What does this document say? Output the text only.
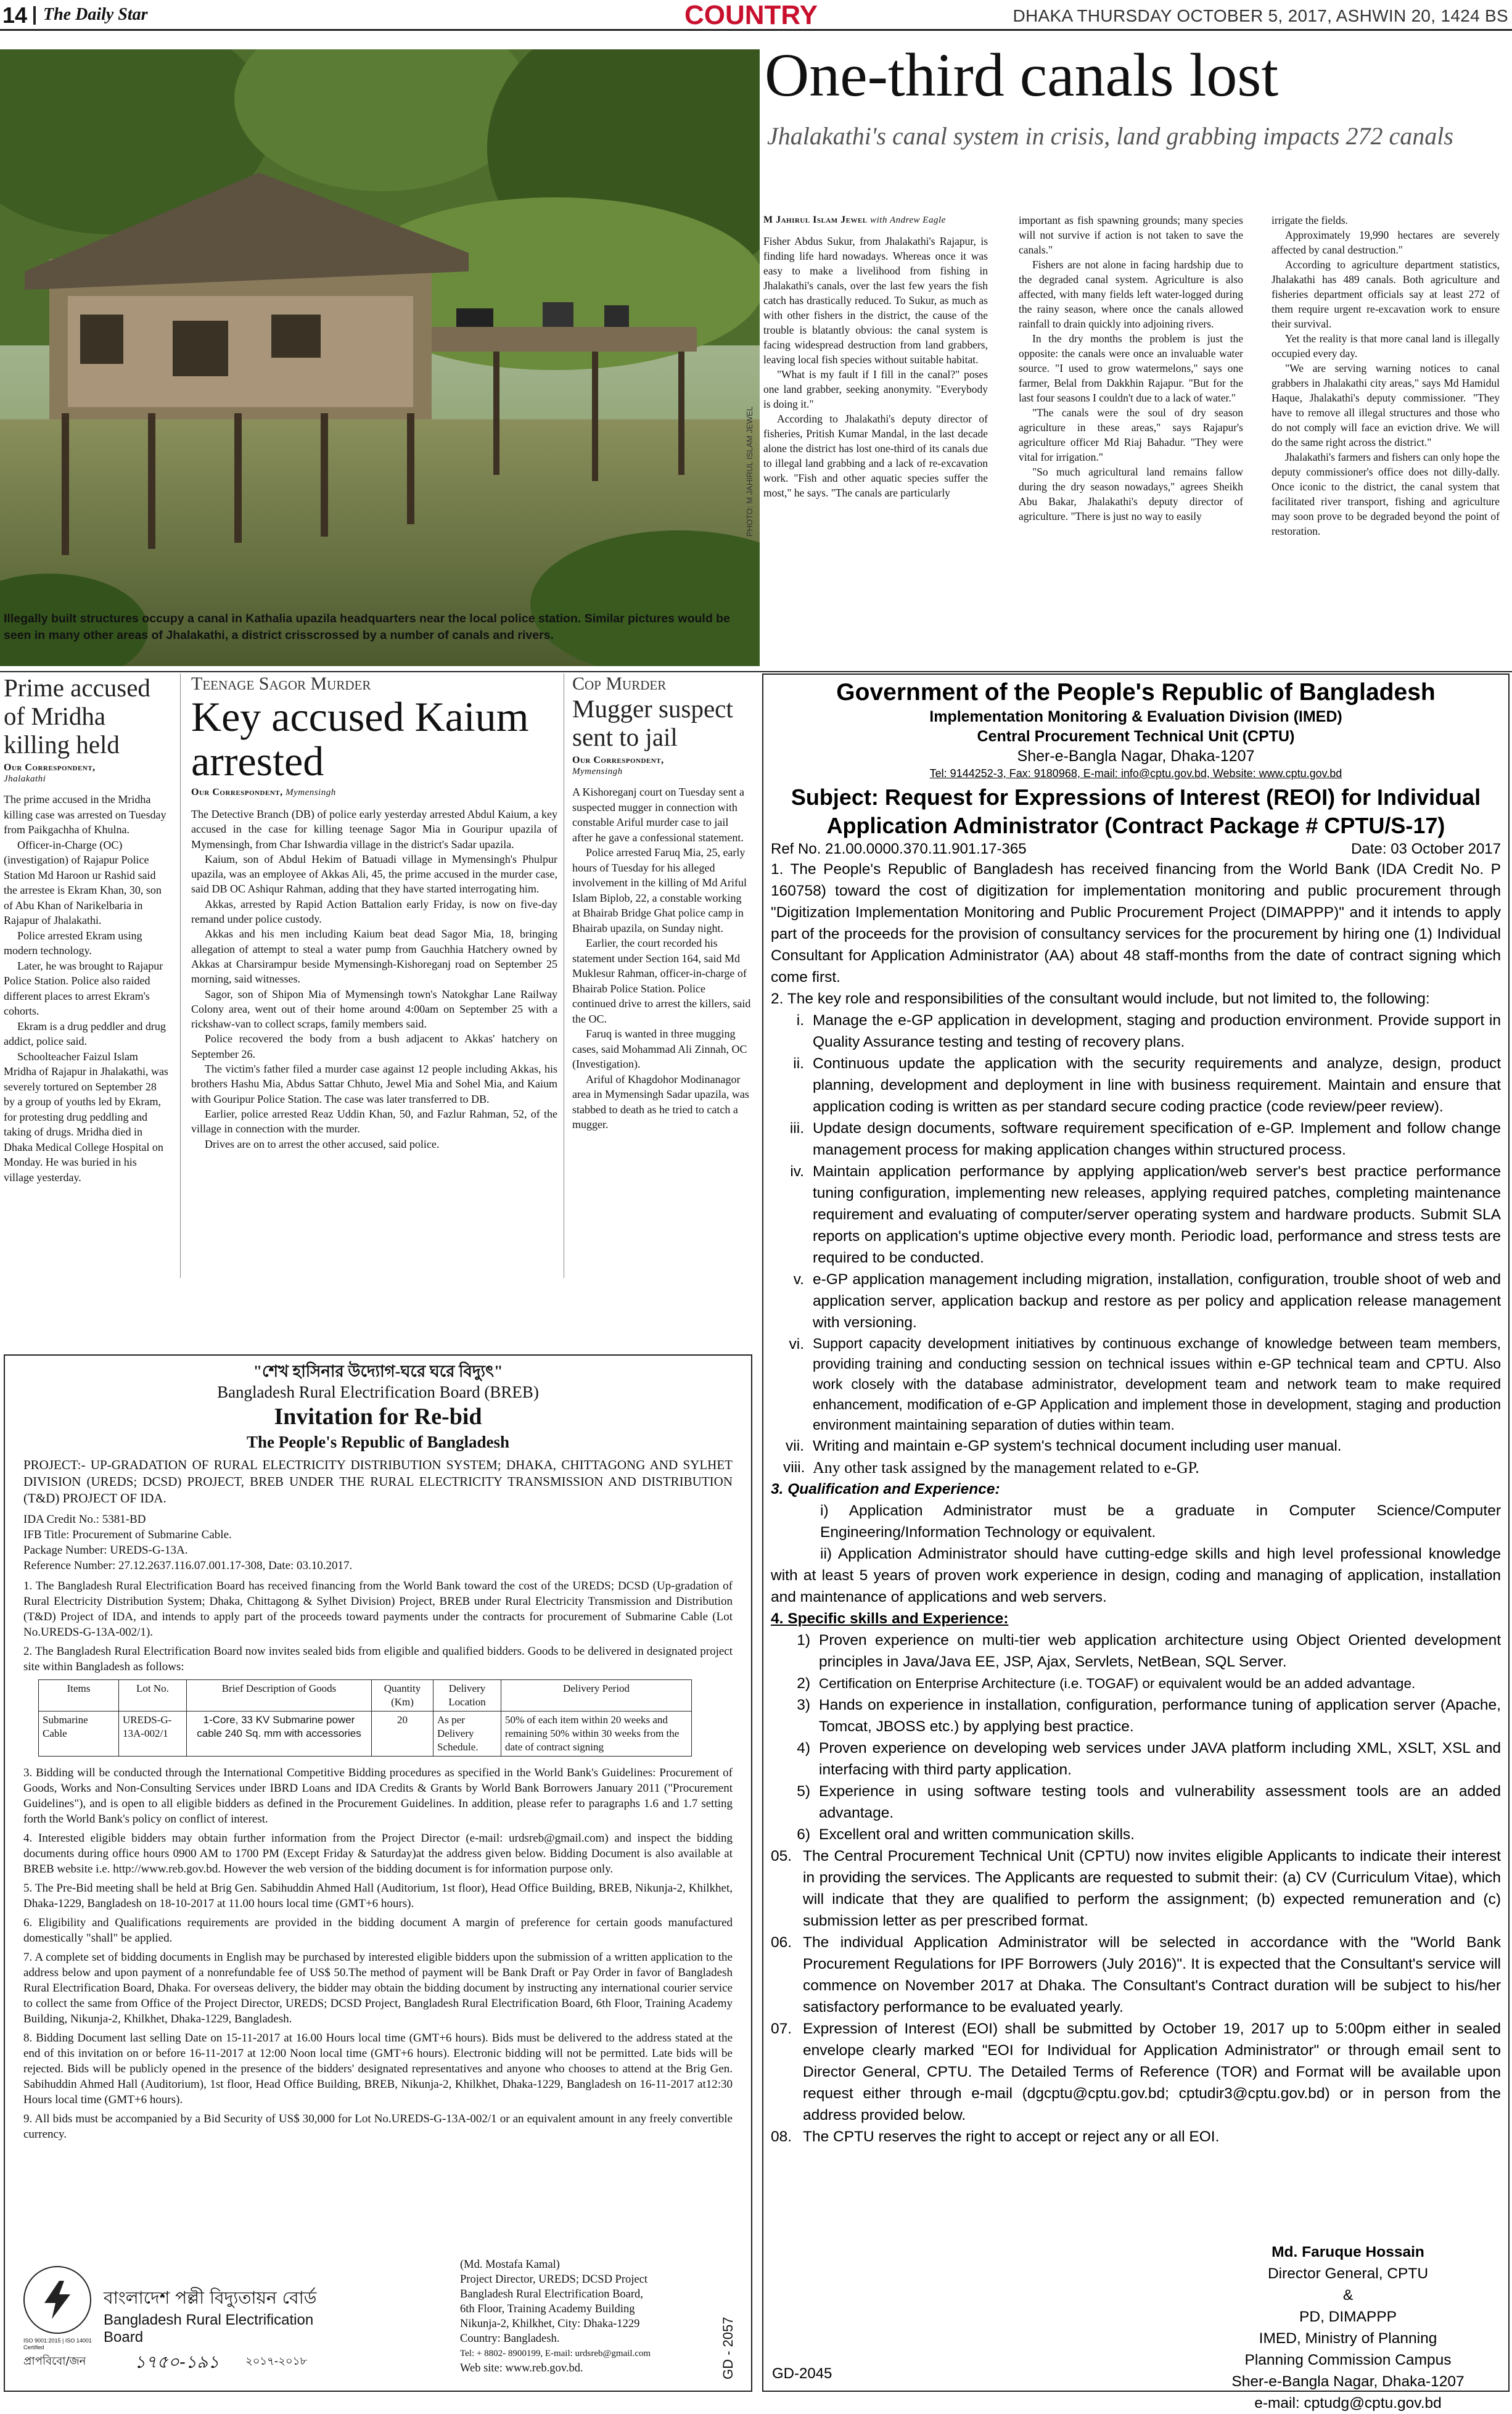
14 The Daily Star	COUNTRY	DHAKA THURSDAY OCTOBER 5, 2017, ASHWIN 20, 1424 BS
PHOTO: M JAHIRUL ISLAM JEWEL
Illegally built structures occupy a canal in Kathalia upazila headquarters near the local police station. Similar pictures would be seen in many other areas of Jhalakathi, a district crisscrossed by a number of canals and rivers.
One-third canals lost
Jhalakathi's canal system in crisis, land grabbing impacts 272 canals
M Jahirul Islam Jewel with Andrew Eagle

Fisher Abdus Sukur, from Jhalakathi's Rajapur, is finding life hard nowadays. Whereas once it was easy to make a livelihood from fishing in Jhalakathi's canals, over the last few years the fish catch has drastically reduced. To Sukur, as much as with other fishers in the district, the cause of the trouble is blatantly obvious: the canal system is facing widespread destruction from land grabbers, leaving local fish species without suitable habitat.

"What is my fault if I fill in the canal?" poses one land grabber, seeking anonymity. "Everybody is doing it."

According to Jhalakathi's deputy director of fisheries, Pritish Kumar Mandal, in the last decade alone the district has lost one-third of its canals due to illegal land grabbing and a lack of re-excavation work. "Fish and other aquatic species suffer the most," he says. "The canals are particularly

important as fish spawning grounds; many species will not survive if action is not taken to save the canals."

Fishers are not alone in facing hardship due to the degraded canal system. Agriculture is also affected, with many fields left water-logged during the rainy season, where once the canals allowed rainfall to drain quickly into adjoining rivers.

In the dry months the problem is just the opposite: the canals were once an invaluable water source. "I used to grow watermelons," says one farmer, Belal from Dakkhin Rajapur. "But for the last four seasons I couldn't due to a lack of water."

"The canals were the soul of dry season agriculture in these areas," says Rajapur's agriculture officer Md Riaj Bahadur. "They were vital for irrigation."

"So much agricultural land remains fallow during the dry season nowadays," agrees Sheikh Abu Bakar, Jhalakathi's deputy director of agriculture. "There is just no way to easily

irrigate the fields.

Approximately 19,990 hectares are severely affected by canal destruction."

According to agriculture department statistics, Jhalakathi has 489 canals. Both agriculture and fisheries department officials say at least 272 of them require urgent re-excavation work to ensure their survival.

Yet the reality is that more canal land is illegally occupied every day.

"We are serving warning notices to canal grabbers in Jhalakathi city areas," says Md Hamidul Haque, Jhalakathi's deputy commissioner. "They have to remove all illegal structures and those who do not comply will face an eviction drive. We will do the same right across the district."

Jhalakathi's farmers and fishers can only hope the deputy commissioner's office does not dilly-dally. Once iconic to the district, the canal system that facilitated river transport, fishing and agriculture may soon prove to be degraded beyond the point of restoration.

Prime accused of Mridha killing held
Our Correspondent,
Jhalakathi

The prime accused in the Mridha killing case was arrested on Tuesday from Paikgachha of Khulna.

Officer-in-Charge (OC) (investigation) of Rajapur Police Station Md Haroon ur Rashid said the arrestee is Ekram Khan, 30, son of Abu Khan of Narikelbaria in Rajapur of Jhalakathi.

Police arrested Ekram using modern technology.

Later, he was brought to Rajapur Police Station. Police also raided different places to arrest Ekram's cohorts.

Ekram is a drug peddler and drug addict, police said.

Schoolteacher Faizul Islam Mridha of Rajapur in Jhalakathi, was severely tortured on September 28 by a group of youths led by Ekram, for protesting drug peddling and taking of drugs. Mridha died in Dhaka Medical College Hospital on Monday. He was buried in his village yesterday.

Teenage Sagor Murder
Key accused Kaium arrested
Our Correspondent, Mymensingh

The Detective Branch (DB) of police early yesterday arrested Abdul Kaium, a key accused in the case for killing teenage Sagor Mia in Gouripur upazila of Mymensingh, from Char Ishwardia village in the district's Sadar upazila.

Kaium, son of Abdul Hekim of Batuadi village in Mymensingh's Phulpur upazila, was an employee of Akkas Ali, 45, the prime accused in the murder case, said DB OC Ashiqur Rahman, adding that they have started interrogating him.

Akkas, arrested by Rapid Action Battalion early Friday, is now on five-day remand under police custody.

Akkas and his men including Kaium beat dead Sagor Mia, 18, bringing allegation of attempt to steal a water pump from Gauchhia Hatchery owned by Akkas at Charsirampur beside Mymensingh-Kishoreganj road on September 25 morning, said witnesses.

Sagor, son of Shipon Mia of Mymensingh town's Natokghar Lane Railway Colony area, went out of their home around 4:00am on September 25 with a rickshaw-van to collect scraps, family members said.

Police recovered the body from a bush adjacent to Akkas' hatchery on September 26.

The victim's father filed a murder case against 12 people including Akkas, his brothers Hashu Mia, Abdus Sattar Chhuto, Jewel Mia and Sohel Mia, and Kaium with Gouripur Police Station. The case was later transferred to DB.

Earlier, police arrested Reaz Uddin Khan, 50, and Fazlur Rahman, 52, of the village in connection with the murder.

Drives are on to arrest the other accused, said police.

Cop Murder
Mugger suspect sent to jail
Our Correspondent,
Mymensingh

A Kishoreganj court on Tuesday sent a suspected mugger in connection with constable Ariful murder case to jail after he gave a confessional statement.

Police arrested Faruq Mia, 25, early hours of Tuesday for his alleged involvement in the killing of Md Ariful Islam Biplob, 22, a constable working at Bhairab Bridge Ghat police camp in Bhairab upazila, on Sunday night.

Earlier, the court recorded his statement under Section 164, said Md Muklesur Rahman, officer-in-charge of Bhairab Police Station. Police continued drive to arrest the killers, said the OC.

Faruq is wanted in three mugging cases, said Mohammad Ali Zinnah, OC (Investigation).

Ariful of Khagdohor Modinanagor area in Mymensingh Sadar upazila, was stabbed to death as he tried to catch a mugger.

Government of the People's Republic of Bangladesh
Implementation Monitoring & Evaluation Division (IMED)
Central Procurement Technical Unit (CPTU)
Sher-e-Bangla Nagar, Dhaka-1207
Tel: 9144252-3, Fax: 9180968, E-mail: info@cptu.gov.bd, Website: www.cptu.gov.bd
Subject: Request for Expressions of Interest (REOI) for Individual Application Administrator (Contract Package # CPTU/S-17)
Ref No. 21.00.0000.370.11.901.17-365	Date: 03 October 2017
1. The People's Republic of Bangladesh has received financing from the World Bank (IDA Credit No. P 160758) toward the cost of digitization for implementation monitoring and public procurement through "Digitization Implementation Monitoring and Public Procurement Project (DIMAPPP)" and it intends to apply part of the proceeds for the provision of consultancy services for the procurement by hiring one (1) Individual Consultant for Application Administrator (AA) about 48 staff-months from the date of contract signing which come first.
2. The key role and responsibilities of the consultant would include, but not limited to, the following:
i. Manage the e-GP application in development, staging and production environment. Provide support in Quality Assurance testing and testing of recovery plans.
ii. Continuous update the application with the security requirements and analyze, design, product planning, development and deployment in line with business requirement. Maintain and ensure that application coding is written as per standard secure coding practice (code review/peer review).
iii. Update design documents, software requirement specification of e-GP. Implement and follow change management process for making application changes within structured process.
iv. Maintain application performance by applying application/web server's best practice performance tuning configuration, implementing new releases, applying required patches, completing maintenance requirement and evaluating of computer/server operating system and hardware products. Submit SLA reports on application's uptime objective every month. Periodic load, performance and stress tests are required to be conducted.
v. e-GP application management including migration, installation, configuration, trouble shoot of web and application server, application backup and restore as per policy and application release management with versioning.
vi. Support capacity development initiatives by continuous exchange of knowledge between team members, providing training and conducting session on technical issues within e-GP technical team and CPTU. Also work closely with the database administrator, development team and network team to make required enhancement, modification of e-GP Application and implement those in development, staging and production environment maintaining separation of duties within team.
vii. Writing and maintain e-GP system's technical document including user manual.
viii. Any other task assigned by the management related to e-GP.
3. Qualification and Experience:
i) Application Administrator must be a graduate in Computer Science/Computer Engineering/Information Technology or equivalent.
ii) Application Administrator should have cutting-edge skills and high level professional knowledge with at least 5 years of proven work experience in design, coding and managing of application, installation and maintenance of applications and web servers.
4. Specific skills and Experience:
1) Proven experience on multi-tier web application architecture using Object Oriented development principles in Java/Java EE, JSP, Ajax, Servlets, NetBean, SQL Server.
2) Certification on Enterprise Architecture (i.e. TOGAF) or equivalent would be an added advantage.
3) Hands on experience in installation, configuration, performance tuning of application server (Apache, Tomcat, JBOSS etc.) by applying best practice.
4) Proven experience on developing web services under JAVA platform including XML, XSLT, XSL and interfacing with third party application.
5) Experience in using software testing tools and vulnerability assessment tools are an added advantage.
6) Excellent oral and written communication skills.
05. The Central Procurement Technical Unit (CPTU) now invites eligible Applicants to indicate their interest in providing the services. The Applicants are requested to submit their: (a) CV (Curriculum Vitae), which will indicate that they are qualified to perform the assignment; (b) expected remuneration and (c) submission letter as per prescribed format.
06. The individual Application Administrator will be selected in accordance with the "World Bank Procurement Regulations for IPF Borrowers (July 2016)". It is expected that the Consultant's service will commence on November 2017 at Dhaka. The Consultant's Contract duration will be subject to his/her satisfactory performance to be evaluated yearly.
07. Expression of Interest (EOI) shall be submitted by October 19, 2017 up to 5:00pm either in sealed envelope clearly marked "EOI for Individual for Application Administrator" or through email sent to Director General, CPTU. The Detailed Terms of Reference (TOR) and Format will be available upon request either through e-mail (dgcptu@cptu.gov.bd; cptudir3@cptu.gov.bd) or in person from the address provided below.
08. The CPTU reserves the right to accept or reject any or all EOI.
Md. Faruque Hossain
Director General, CPTU
&
PD, DIMAPPP
IMED, Ministry of Planning
Planning Commission Campus
Sher-e-Bangla Nagar, Dhaka-1207
e-mail: cptudg@cptu.gov.bd
GD-2045
"শেখ হাসিনার উদ্যোগ-ঘরে ঘরে বিদ্যুৎ"
Bangladesh Rural Electrification Board (BREB)
Invitation for Re-bid
The People's Republic of Bangladesh
PROJECT:- UP-GRADATION OF RURAL ELECTRICITY DISTRIBUTION SYSTEM; DHAKA, CHITTAGONG AND SYLHET DIVISION (UREDS; DCSD) PROJECT, BREB UNDER THE RURAL ELECTRICITY TRANSMISSION AND DISTRIBUTION (T&D) PROJECT OF IDA.
IDA Credit No.: 5381-BD
IFB Title: Procurement of Submarine Cable.
Package Number: UREDS-G-13A.
Reference Number: 27.12.2637.116.07.001.17-308, Date: 03.10.2017.
1. The Bangladesh Rural Electrification Board has received financing from the World Bank toward the cost of the UREDS; DCSD (Up-gradation of Rural Electricity Distribution System; Dhaka, Chittagong & Sylhet Division) Project, BREB under Rural Electricity Transmission and Distribution (T&D) Project of IDA, and intends to apply part of the proceeds toward payments under the contracts for procurement of Submarine Cable (Lot No.UREDS-G-13A-002/1).
2. The Bangladesh Rural Electrification Board now invites sealed bids from eligible and qualified bidders. Goods to be delivered in designated project site within Bangladesh as follows:
Items	Lot No.	Brief Description of Goods	Quantity (Km)	Delivery Location	Delivery Period
Submarine Cable	UREDS-G-13A-002/1	1-Core, 33 KV Submarine power cable 240 Sq. mm with accessories	20	As per Delivery Schedule.	50% of each item within 20 weeks and remaining 50% within 30 weeks from the date of contract signing
3. Bidding will be conducted through the International Competitive Bidding procedures as specified in the World Bank's Guidelines: Procurement of Goods, Works and Non-Consulting Services under IBRD Loans and IDA Credits & Grants by World Bank Borrowers January 2011 ("Procurement Guidelines"), and is open to all eligible bidders as defined in the Procurement Guidelines. In addition, please refer to paragraphs 1.6 and 1.7 setting forth the World Bank's policy on conflict of interest.
4. Interested eligible bidders may obtain further information from the Project Director (e-mail: urdsreb@gmail.com) and inspect the bidding documents during office hours 0900 AM to 1700 PM (Except Friday & Saturday)at the address given below. Bidding Document is also available at BREB website i.e. http://www.reb.gov.bd. However the web version of the bidding document is for information purpose only.
5. The Pre-Bid meeting shall be held at Brig Gen. Sabihuddin Ahmed Hall (Auditorium, 1st floor), Head Office Building, BREB, Nikunja-2, Khilkhet, Dhaka-1229, Bangladesh on 18-10-2017 at 11.00 hours local time (GMT+6 hours).
6. Eligibility and Qualifications requirements are provided in the bidding document A margin of preference for certain goods manufactured domestically "shall" be applied.
7. A complete set of bidding documents in English may be purchased by interested eligible bidders upon the submission of a written application to the address below and upon payment of a nonrefundable fee of US$ 50.The method of payment will be Bank Draft or Pay Order in favor of Bangladesh Rural Electrification Board, Dhaka. For overseas delivery, the bidder may obtain the bidding document by instructing any international courier service to collect the same from Office of the Project Director, UREDS; DCSD Project, Bangladesh Rural Electrification Board, 6th Floor, Training Academy Building, Nikunja-2, Khilkhet, Dhaka-1229, Bangladesh.
8. Bidding Document last selling Date on 15-11-2017 at 16.00 Hours local time (GMT+6 hours). Bids must be delivered to the address stated at the end of this invitation on or before 16-11-2017 at 12:00 Noon local time (GMT+6 hours). Electronic bidding will not be permitted. Late bids will be rejected. Bids will be publicly opened in the presence of the bidders' designated representatives and anyone who chooses to attend at the Brig Gen. Sabihuddin Ahmed Hall (Auditorium), 1st floor, Head Office Building, BREB, Nikunja-2, Khilkhet, Dhaka-1229, Bangladesh on 16-11-2017 at12:30 Hours local time (GMT+6 hours).
9. All bids must be accompanied by a Bid Security of US$ 30,000 for Lot No.UREDS-G-13A-002/1 or an equivalent amount in any freely convertible currency.
ISO 9001:2015 | ISO 14001 Certified
বাংলাদেশ পল্লী বিদ্যুতায়ন বোর্ড
Bangladesh Rural Electrification Board
প্রাপবিবো/জন	১৭৫০-১৯১ ২০১৭-২০১৮
(Md. Mostafa Kamal)
Project Director, UREDS; DCSD Project
Bangladesh Rural Electrification Board,
6th Floor, Training Academy Building
Nikunja-2, Khilkhet, City: Dhaka-1229
Country: Bangladesh.
Tel: + 8802- 8900199, E-mail: urdsreb@gmail.com
Web site: www.reb.gov.bd.	GD - 2057
